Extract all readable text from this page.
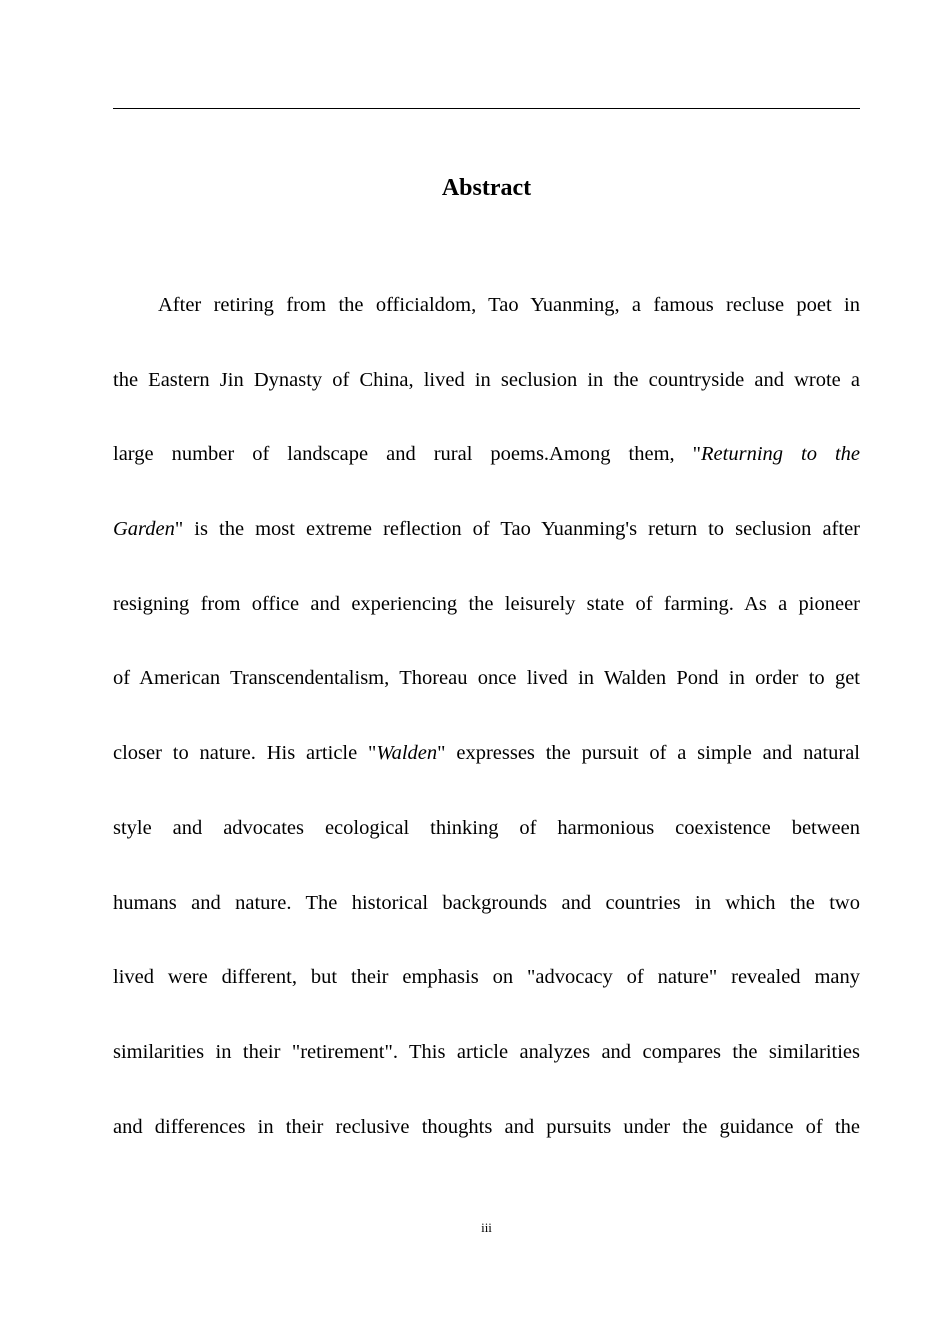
Abstract
After retiring from the officialdom, Tao Yuanming, a famous recluse poet in
the Eastern Jin Dynasty of China, lived in seclusion in the countryside and wrote a
large number of landscape and rural poems.Among them, "Returning to the
Garden" is the most extreme reflection of Tao Yuanming's return to seclusion after
resigning from office and experiencing the leisurely state of farming. As a pioneer
of American Transcendentalism, Thoreau once lived in Walden Pond in order to get
closer to nature. His article "Walden" expresses the pursuit of a simple and natural
style and advocates ecological thinking of harmonious coexistence between
humans and nature. The historical backgrounds and countries in which the two
lived were different, but their emphasis on "advocacy of nature" revealed many
similarities in their "retirement". This article analyzes and compares the similarities
and differences in their reclusive thoughts and pursuits under the guidance of the
iii
